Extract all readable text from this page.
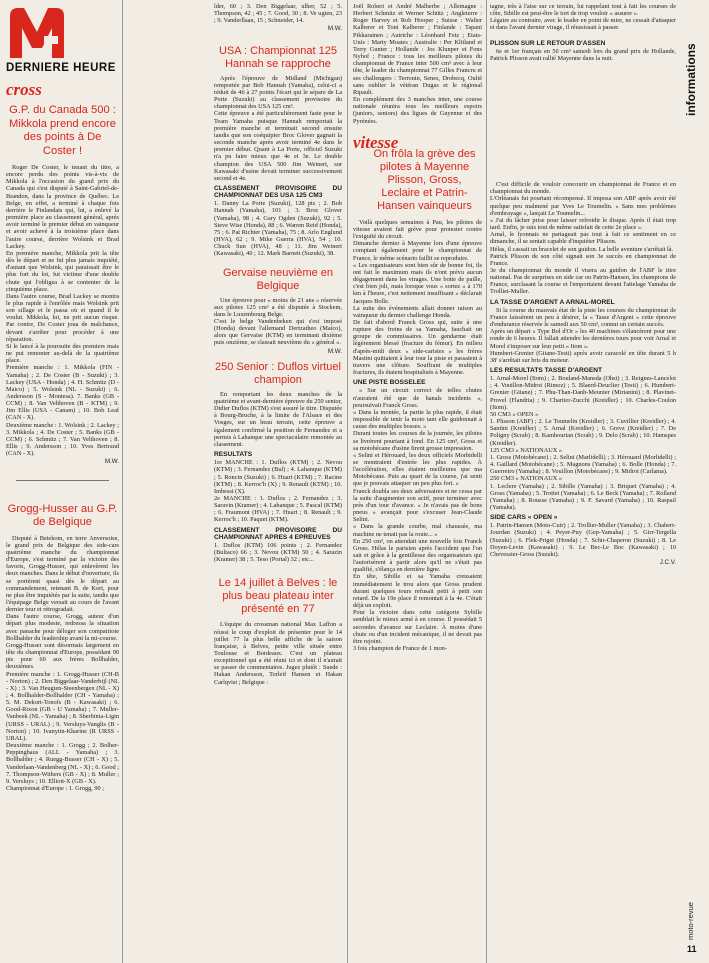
DERNIERE HEURE
cross
G.P. du Canada 500 : Mikkola prend encore des points à De Coster !

Roger De Coster, le tenant du titre, a encore perdu des points vis-à-vis de Mikkola à l'occasion du grand prix du Canada qui s'est disputé à Saint-Gabriel-de-Brandon, dans la province de Québec. Le Belge, en effet, a terminé à chaque fois derrière le Finlandais qui, lui, a enlevé la première place au classement général, après avoir terminé le premier début en vainqueur et avoir achevé à la troisième place dans l'autre course, derrière Wolsink et Brad Lackey.
En première manche, Mikkola prit la tête dès le départ et ne fut plus jamais inquiété, d'autant que Wolsink, qui paraissait être le plus fort du lot, fut victime d'une double chute qui l'obligea à se contenter de la cinquième place.
Dans l'autre course, Brad Lackey se montra le plus rapide à l'enrôlée mais Wolsink prit son sillage et le passa où et quand il le voulut. Mikkola, lui, ne prit aucun risque. Par contre, De Coster joua de malchance, devant s'arrêter pour procéder à une réparation.
Si le lancé à la poursuite des premiers mais ne put remonter au-delà de la quatrième place.
Première manche : 1. Mikkola (FIN - Yamaha) ; 2. De Coster (B - Suzuki) ; 3. Lackey (USA - Honda) ; 4. H. Schmitz (D - Maico) ; 5. Wolsink (NL - Suzuki) ; 6. Andersson (S - Montesa). 7. Banks (GB - CCM) ; 8. Van Velthoven (B - KTM) ; 9. Jim Ellis (USA - Canam) ; 10. Bob Leaf (CAN - X).
Deuxième manche : 1. Wolsink ; 2. Lackey ; 3. Mikkola ; 4. De Coster ; 5. Banks (GB - CCM) ; 6. Schmitz ; 7. Van Velthoven ; 8. Ellis ; 9. Andersson ; 10. Yves Bertrand (CAN - X).

M.W.
Grogg-Husser au G.P. de Belgique

Disputé à Betekom, en terre Anversoise, le grand prix de Belgique des side-cars quatrième manche du championnat d'Europe, s'est terminé par la victoire des favoris, Grogg-Husser, qui enlevèrent les deux manches. Dans le début d'ouverture, ils se portèrent quasi dès le départ au commandement, retenant B. de Kort, pour ne plus être inquiétés par la suite, tandis que l'équipage Belge versait au cours de l'avant dernier tour et rétrogradait.
Dans l'autre course, Grogg, auteur d'un départ plus modeste, redressa la situation avec panache pour déloger son compatriote Bollhalder du leadership avant la mi-course.
Grogg-Husser sont désormais largement en tête du championnat d'Europe, possédant 90 pts pour 60 aux frères Bollhalder, deuxièmes.
Première manche : 1. Grogg-Husser (CH-B - Norton) ; 2. Den Biggelaar-Vanderbijl (NL - X) ; 3. Van Heugten-Steenbergen (NL - X) ; 4. Bollhalder-Bollhalder (CH - Yamaha) ; 5. M. Dekort-Tonofs (B - Kawasaki) ; 6. Good-Rixon (GB - U Yamaha) ; 7. Muller-Vanbeek (NL - Yamaha) ; 8. Sherbinia-Ligin (URSS - URAL) ; 9. Versluys-Vanglis (B - Norton) ; 10. Ivanytin-Kharine (R URSS - URAL).
Deuxième manche : 1. Grogg ; 2. Bolher-Peppinghaus (ALL - Yamaha) ; 3. Bollhalder ; 4. Ruegg-Busser (CH - X) ; 5. Vanderlaan-Vandenberg (NL - X) ; 6. Good ; 7. Thompson-Withers (GB - X) ; 8. Muller ; 9. Versluys ; 10. Elliott-X (GB - X).
Championnat d'Europe : 1. Grogg, 90 ;

lder, 60 ; 3. Den Biggelaar, ulher, 52 ; 5. Thompson, 42 ; 45 ; 7. Good, 30 ; 8. Ve ugten, 23 ; 9. Vanderllaan, 15 ; Schneider, 14.

M.W.
USA : Championnat 125 Hannah se rapproche

Après l'épreuve de Midland (Michigan) remportée par Bob Hannah (Yamaha), celui-ci a réduit de 46 à 27 points l'écart qui le sépare de La Porte (Suzuki) au classement provisoire du championnat des USA 125 cm³.
Cette épreuve a été particulièrement faste pour le Team Yamaha puisque Hannah remportait la première manche et terminait second ensuite tandis que son coéquipier Broc Glover gagnait la seconde manche après avoir terminé 4e dans le premier début. Quant à La Porte, officiel Suzuki n'a pu faire mieux que 4e et 3e. Le double champion des USA 500 Jim Weinert, sur Kawasaki d'usine devait terminer successivement second et 4e.

CLASSEMENT PROVISOIRE DU CHAMPIONNAT DES USA 125 CM3

1. Danny La Porte (Suzuki), 128 pts ; 2. Bob Hannah (Yamaha), 101 ; 3. Broc Glover (Yamaha), 98 ; 4. Gary Ogden (Suzuki), 92 ; 5. Steve Wise (Honda), 88 ; 6. Warren Reid (Honda), 75 ; 6. Pat Richter (Yamaha), 75 ; 8. Arlo Englund (HVA), 62 ; 9. Mike Guerra (HVA), 54 ; 10. Chuck Sun (HVA), 48 ; 11. Jim Weinert (Kawasaki), 40 ; 12. Mark Barnett (Suzuki), 38.

Gervaise neuvième en Belgique

Une épreuve pour « moins de 21 ans » réservée aux pilotes 125 cm³ a été disputée à Stockem, dans le Luxembourg Belge.
C'est le belge Vandenbeken qui s'est imposé (Honda) devant l'allemand Dertzatheo (Maico), alors que Gervaise (KTM) en terminant dixième puis onzième, se classait neuvième du « général ».

M.W.
250 Senior : Duflos virtuel champion

En remportant les deux manches de la quatrième et avant-dernière épreuve du 250 senior, Didier Duflos (KTM) s'est assuré le titre. Disputée à Bourg-Bruche, à la limite de l'Alsace et des Vosges, sur un beau terrain, cette épreuve a également confirmé la position de Fernandez et a permis à Lahanque une spectaculaire remontée au classement.

RESULTATS

1re MANCHE : 1. Duflos (KTM) ; 2. Nevou (KTM) ; 3. Fernandez (Bul) ; 4. Lahanque (KTM) ; 5. Roncin (Suzuki) ; 6. Huart (KTM) ; 7. Racine (KTM) ; 8. Kerroc'h (X) ; 9. Renault (KTM) ; 10. Imbessi (X).
2e MANCHE : 1. Duflos ; 2. Fernandez ; 3. Saravin (Kramer) ; 4. Lahanque ; 5. Pascal (KTM) ; 6. Fraumont (HVA) ; 7. Huart ; 8. Renault ; 9. Kerroc'h ; 10. Paquet (KTM).

CLASSEMENT PROVISOIRE DU CHAMPIONNAT APRES 4 EPREUVES

1. Duflos (KTM) 106 points ; 2. Fernandez (Bultaco) 66 ; 3. Nevou (KTM) 50 ; 4. Sarazin (Kramer) 38 ; 5. Teso (Portal) 32 ; etc...

Le 14 juillet à Belves : le plus beau plateau inter présenté en 77

L'équipe du crossman national Max Laffon a réussi le coup d'exploit de présenter pour le 14 juillet 77 la plus belle affiche de la saison française, à Belves, petite ville située entre Toulouse et Bordeaux. C'est un plateau exceptionnel qui a été réuni ici et dont il n'aurait se passer de commentaires. Jugez plutôt : Suede : Hakan Andersson, Torleif Hansen et Hakan Carlqvist ; Belgique :

Joël Robert et André Malherbe ; Allemagne : Herbert Schmitz et Werner Schütz ; Angleterre : Roger Harvey et Rob Hooper ; Suisse : Walter Kalberer et Toni Kalberer ; Finlande : Tapani Pikkarainen ; Autriche : Léonhard Fetz ; Etats-Unis : Marty Moates ; Australie : Per Klitland et Terry Gunter ; Hollande : Jos Klunper et Fons Nyhof ; France : tous les meilleurs pilotes du championnat de France inter 500 cm³ avec à leur tête, le leader du championnat 77 Gilles Francru et ses challengers : Terronin, Senes, Drobecq, Oulié sans oublier le vétéran Dugas et le régional Ripault.
En complément des 3 manches inter, une course nationale réunira tous les meilleurs espoirs (juniors, seniors) des ligues de Guyenne et des Pyrénées.

vitesse
On frôla la grève des pilotes à Mayenne Plisson, Gross, Leclaire et Patrin-Hansen vainqueurs

Voilà quelques semaines à Pau, les pilotes de vitesse avaient fait grève pour protester contre l'exiguïté du circuit.
Dimanche dernier à Mayenne lors d'une épreuve comptant également pour le championnat de France, le même scénario faillit se reproduire.
« Les organisateurs sont bien sûr de bonne foi, ils ont fait le maximum mais ils n'ont prévu aucun dégagement dans les virages. Une botte de paille, c'est bien joli, mais lorsque vous « sortez » à 170 km à l'heure, c'est nettement insuffisant » déclarait Jacques Bolle.
La suite des événements allait donner raison au vainqueur du dernier challenge Honda.
De fait d'abord Franck Gross qui, suite à une rupture des freins de sa Yamaha, fauchait un groupe de commissaires. Un gendarme était légèrement blessé (fracture du fémur). En milieu d'après-midi deux « side-caristes » les frères Mastini quittaient à leur tour la piste et passaient à travers une clôture. Souffrant de multiples fractures, ils étaient hospitalisés à Mayenne.

UNE PISTE BOSSELEE

« Sur un circuit correct de telles chutes n'auraient été que de banals incidents », poursuivait Franck Gross.
« Dans la montée, la partie la plus rapide, il était impossible de tenir la moto tant elle guidonnait à cause des multiples bosses. »
Durant toutes les courses de la journée, les pilotes se livrèrent pourtant à fond. En 125 cm³, Gross et sa motobécane d'usine firent grosse impression.
« Selini et Hérouard, les deux officiels Morbidelli se montraient d'entrée les plus rapides. À l'accélération, elles étaient meilleures que ma Motobécane. Puis au quart de la course, j'ai senti que je pouvais attaquer un peu plus fort. »
Franck doubla ses deux adversaires et ne cessa par la suite d'augmenter son actif, pour terminer avec près d'un tour d'avance. « Je n'avais pas de bons pneus » avançait pour s'excuser Jean-Claude Selini.
« Dans la grande courbe, mal chaussée, ma machine ne tenait pas la route... »
En 250 cm³, on attendait une nouvelle fois Franck Gross. Hélas le parisien après l'accident que l'on sait et grâce à la gentillesse des organisateurs qui l'autorisèrent à partir alors qu'il ne s'était pas qualifié, s'élança en dernière ligne.
En tête, Sibille et sa Yamaha creusaient immédiatement le trou alors que Gross prudent durant quelques tours refusait petit à petit son retard. De la 19e place il remontait à la 4e. C'était déjà un exploit.
Pour la victoire dans cette catégorie Sybille semblait le mieux armé à en course. Il possédait 5 secondes d'avance sur Leclaire. À moins d'une chute ou d'un incident mécanique, il ne devait pas être rejoint.
3 fois champion de France de 1 mon-

tagne, très à l'aise sur ce terrain, lui rappelant tout à fait les courses de côte, Sibille est peut-être le tort de trop vouloir « assurer ».
Légaire au contraire, avec le leader en point de mire, ne cessait d'attaquer et dans l'avant dernier virage, il réussissait à passer.

PLISSON SUR LE RETOUR D'ASSEN

6e et 1er français en 50 cm³ samedi lors du grand prix de Hollande, Patrick Plisson avait rallié Mayenne dans la nuit.

C'est difficile de vouloir concourir en championnat de France et en championnat du monde.
L'Orléanais fut pourtant récompensé. Il imposa son ABF après avoir été quelque peu malmené par Yves Le Toumelin. « Sans mes problèmes d'embrayage », lançait Le Toumelin...
« J'ai du lâcher prise pour laisser refroidir le disque. Après il était trop tard. Enfin, je suis tout de même satisfait de cette 2e place ».
Arnal, le lyonnais ne partageait pas tout à fait ce sentiment en ce dimanche, il se sentait capable d'inquiéter Plisson.
Hélas, il cassait un bracelet de son guidon. La belle aventure s'arrêtait là.
Patrick Plisson de son côté signait son 3e succès en championnat de France.
3e du championnat du monde il visera au guidon de l'ABF le titre national. Pas de surprises en side car ou Patrin-Hansen, les champions de France, surclasant la course et l'emportaient devant l'attelage Yamaha de Trolliet-Muller.

LA TASSE D'ARGENT A ARNAL-MOREL

Si la course du mauvais état de la piste les courses du championnat de France laissèrent un peu à désirer, la « Tasse d'Argent » cette épreuve d'endurance réservée le samedi aux 50 cm³, connut un certain succès.
Après un départ « Type Bol d'Or » les 40 machines s'élancèrent pour une ronde de 6 heures. Il fallait attendre les dernières tours pour voir Arnal et Morel s'imposer sur leur petit « Itom ».
Humbert-Grenier (Gitane-Testi) après avoir caracolé en tête durant 5 h 38' s'arrêtait sur bris du moteur.

LES RESULTATS TASSE D'ARGENT

1. Arnal-Morel (Itom) ; 2. Bouland-Mansda (Ohsi) ; 3. Reignes-Lancelot ; 4. Vouillon-Midrot (Rimoz) ; 5. Blaerd-Deuclier (Testi) ; 6. Humbert-Grenier (Gitane) ; 7. Phu-Than-Danh-Meunier (Mirianini) ; 8. Plavinet-Provel (Flandria) ; 9. Chartier-Zucchi (Kreidler) ; 10. Charles-Coulon (Itom).
50 CM3 « OPEN »
1. Plisson (ABF) ; 2. Le Toumelin (Kreidler) ; 3. Cuvillier (Kreidler) ; 4. Santini (Kreidler) ; 5. Arnal (Kreidler) ; 6. Grevz (Kreidler) ; 7. De Poligny (Scrab) ; 8. Kamhourian (Scrab) ; 9. Delo (Scrab) ; 10. Hamspes (Kreidler).
125 CM3 « NATIONAUX »
1. Gross (Motobécane) ; 2. Selini (Marlidelli) ; 3. Hérouard (Morlidelli) ; 4. Gaillard (Motobécane) ; 5. Magnons (Yamaha) ; 6. Bolle (Honda) ; 7. Guerreiro (Yamaha) ; 8. Vouillon (Motobécane) ; 9. Midrot (Carlama).
250 CM3 « NATIONAUX »
1. Leclere (Yamaha) ; 2. Sibille (Yamaha) ; 3. Briquet (Yamaha) ; 4. Gross (Yamaha) ; 5. Trottet (Yamaha) ; 6. Le Beck (Yamaha) ; 7. Rolland (Yamaha) ; 8. Rousse (Yamaha) ; 9. F. Savard (Yamaha) ; 10. Raspail (Yamaha).

SIDE CARS « OPEN »

1. Patrin-Hansen (Moto-Cuir) ; 2. Trollier-Muller (Yamaha) ; 3. Chabert-Jourdan (Suzuki) ; 4. Peyer-Puy (Gep-Yamaha) ; 5. Girr-Tergella (Suzuki) ; 6. Flek-Priget (Honda) ; 7. Schir-Chaperon (Suzuki) ; 8. Le Doyen-Levin (Kawasaki) ; 9. Le Bec-Le Boc (Kawasaki) ; 10 Chevessier-Gross (Suzuki).

J.C.V.
informations
moto-revue
11
